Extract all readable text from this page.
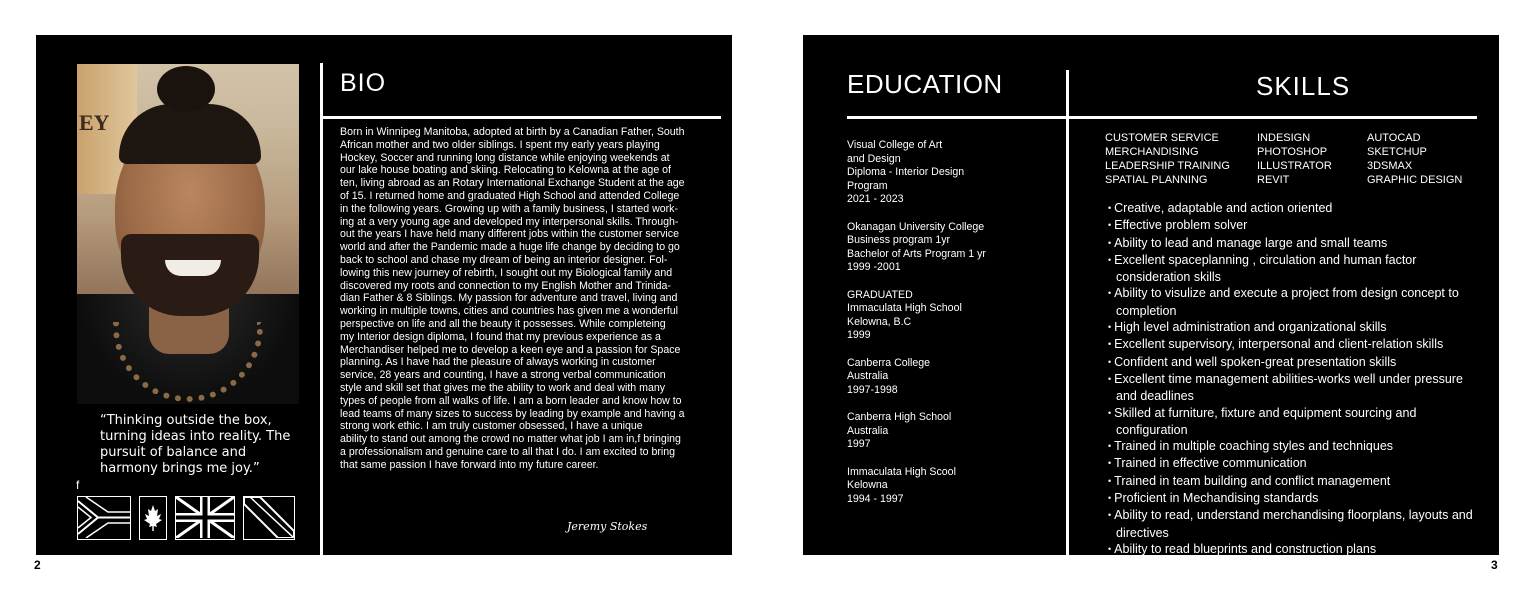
EY
“Thinking outside the box, turning ideas into reality. The pursuit of balance and harmony brings me joy.”
f
BIO
Born in Winnipeg Manitoba, adopted at birth by a Canadian Father, South
African mother and two older siblings. I spent my early years playing
Hockey, Soccer and running long distance while enjoying weekends at
our lake house boating and skiing. Relocating to Kelowna at the age of
ten, living abroad as an Rotary International Exchange Student at the age
of 15. I returned home and graduated High School and attended College
in the following years. Growing up with a family business, I started work-
ing at a very young age and developed my interpersonal skills. Through-
out the years I have held many different jobs within the customer service
world and after the Pandemic made a huge life change by deciding to go
back to school and chase my dream of being an interior designer. Fol-
lowing this new journey of rebirth, I sought out my Biological family and
discovered my roots and connection to my English Mother and Trinida-
dian Father & 8 Siblings. My passion for adventure and travel, living and
working in multiple towns, cities and countries has given me a wonderful
perspective on life and all the beauty it possesses. While completeing
my Interior design diploma, I found that my previous experience as a
Merchandiser helped me to develop a keen eye and a passion for Space
planning. As I have had the pleasure of always working in customer
service, 28 years and counting, I have a strong verbal communication
style and skill set that gives me the ability to work and deal with many
types of people from all walks of life. I am a born leader and know how to
lead teams of many sizes to success by leading by example and having a
strong work ethic. I am truly customer obsessed, I have a unique
ability to stand out among the crowd no matter what job I am in,f bringing
a professionalism and genuine care to all that I do. I am excited to bring
that same passion I have forward into my future career.
Jeremy Stokes
2
EDUCATION	SKILLS
Visual College of Art
and Design
Diploma - Interior Design
Program
2021 - 2023
Okanagan University College
Business program 1yr
Bachelor of Arts Program 1 yr
1999 -2001
GRADUATED
Immaculata High School
Kelowna, B.C
1999
Canberra College
Australia
1997-1998
Canberra High School
Australia
1997
Immaculata High Scool
Kelowna
1994 - 1997
CUSTOMER SERVICE
MERCHANDISING
LEADERSHIP TRAINING
SPATIAL PLANNING
INDESIGN
PHOTOSHOP
ILLUSTRATOR
REVIT
AUTOCAD
SKETCHUP
3DSMAX
GRAPHIC DESIGN
• Creative, adaptable and action oriented
• Effective problem solver
• Ability to lead and manage large and small teams
• Excellent spaceplanning , circulation and human factor consideration skills
• Ability to visulize and execute a project from design concept to completion
• High level administration and organizational skills
• Excellent supervisory, interpersonal and client-relation skills
• Confident and well spoken-great presentation skills
• Excellent time management abilities-works well under pressure and deadlines
• Skilled at furniture, fixture and equipment sourcing and configuration
• Trained in multiple coaching styles and techniques
• Trained in effective communication
• Trained in team building and conflict management
• Proficient in Mechandising standards
• Ability to read, understand merchandising floorplans, layouts and directives
• Ability to read blueprints and construction plans
3
